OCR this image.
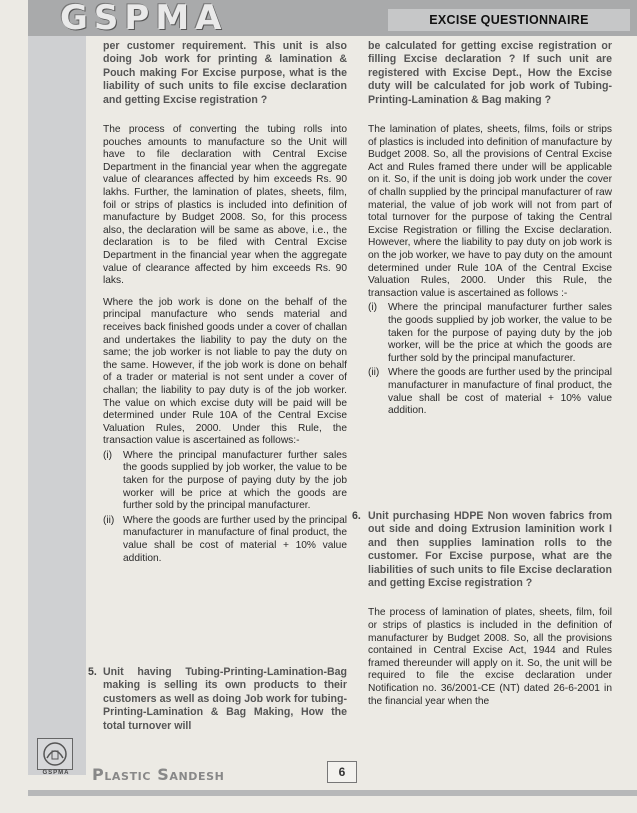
GSPMA	EXCISE QUESTIONNAIRE

per customer requirement. This unit is also doing Job work for printing & lamination & Pouch making For Excise purpose, what is the liability of such units to file excise declaration and getting Excise registration ?

The process of converting the tubing rolls into pouches amounts to manufacture so the Unit will have to file declaration with Central Excise Department in the financial year when the aggregate value of clearances affected by him exceeds Rs. 90 lakhs. Further, the lamination of plates, sheets, film, foil or strips of plastics is included into definition of manufacture by Budget 2008. So, for this process also, the declaration will be same as above, i.e., the declaration is to be filed with Central Excise Department in the financial year when the aggregate value of clearance affected by him exceeds Rs. 90 laks.

Where the job work is done on the behalf of the principal manufacture who sends material and receives back finished goods under a cover of challan and undertakes the liability to pay the duty on the same; the job worker is not liable to pay the duty on the same. However, if the job work is done on behalf of a trader or material is not sent under a cover of challan; the liability to pay duty is of the job worker. The value on which excise duty will be paid will be determined under Rule 10A of the Central Excise Valuation Rules, 2000. Under this Rule, the transaction value is ascertained as follows:-

(i)	Where the principal manufacturer further sales the goods supplied by job worker, the value to be taken for the purpose of paying duty by the job worker will be price at which the goods are further sold by the principal manufacturer.
(ii) Where the goods are further used by the principal manufacturer in manufacture of final product, the value shall be cost of material + 10% value addition.
5. Unit having Tubing-Printing-Lamination-Bag making is selling its own products to their customers as well as doing Job work for tubing-Printing-Lamination & Bag Making, How the total turnover will

be calculated for getting excise registration or filling Excise declaration ? If such unit are registered with Excise Dept., How the Excise duty will be calculated for job work of Tubing-Printing-Lamination & Bag making ?

The lamination of plates, sheets, films, foils or strips of plastics is included into definition of manufacture by Budget 2008. So, all the provisions of Central Excise Act and Rules framed there under will be applicable on it. So, if the unit is doing job work under the cover of challn supplied by the principal manufacturer of raw material, the value of job work will not from part of total turnover for the purpose of taking the Central Excise Registration or filling the Excise declaration. However, where the liability to pay duty on job work is on the job worker, we have to pay duty on the amount determined under Rule 10A of the Central Excise Valuation Rules, 2000. Under this Rule, the transaction value is ascertained as follows :-

(i)	Where the principal manufacturer further sales the goods supplied by job worker, the value to be taken for the purpose of paying duty by the job worker, will be the price at which the goods are further sold by the principal manufacturer.
(ii) Where the goods are further used by the principal manufacturer in manufacture of final product, the value shall be cost of material + 10% value addition.
6. Unit purchasing HDPE Non woven fabrics from out side and doing Extrusion laminition work I and then supplies lamination rolls to the customer. For Excise purpose, what are the liabilities of such units to file Excise declaration and getting Excise registration ?

The process of lamination of plates, sheets, film, foil or strips of plastics is included in the definition of manufacturer by Budget 2008. So, all the provisions contained in Central Excise Act, 1944 and Rules framed thereunder will apply on it. So, the unit will be required to file the excise declaration under Notification no. 36/2001-CE (NT) dated 26-6-2001 in the financial year when the

GSPMA	Plastic Sandesh	6
